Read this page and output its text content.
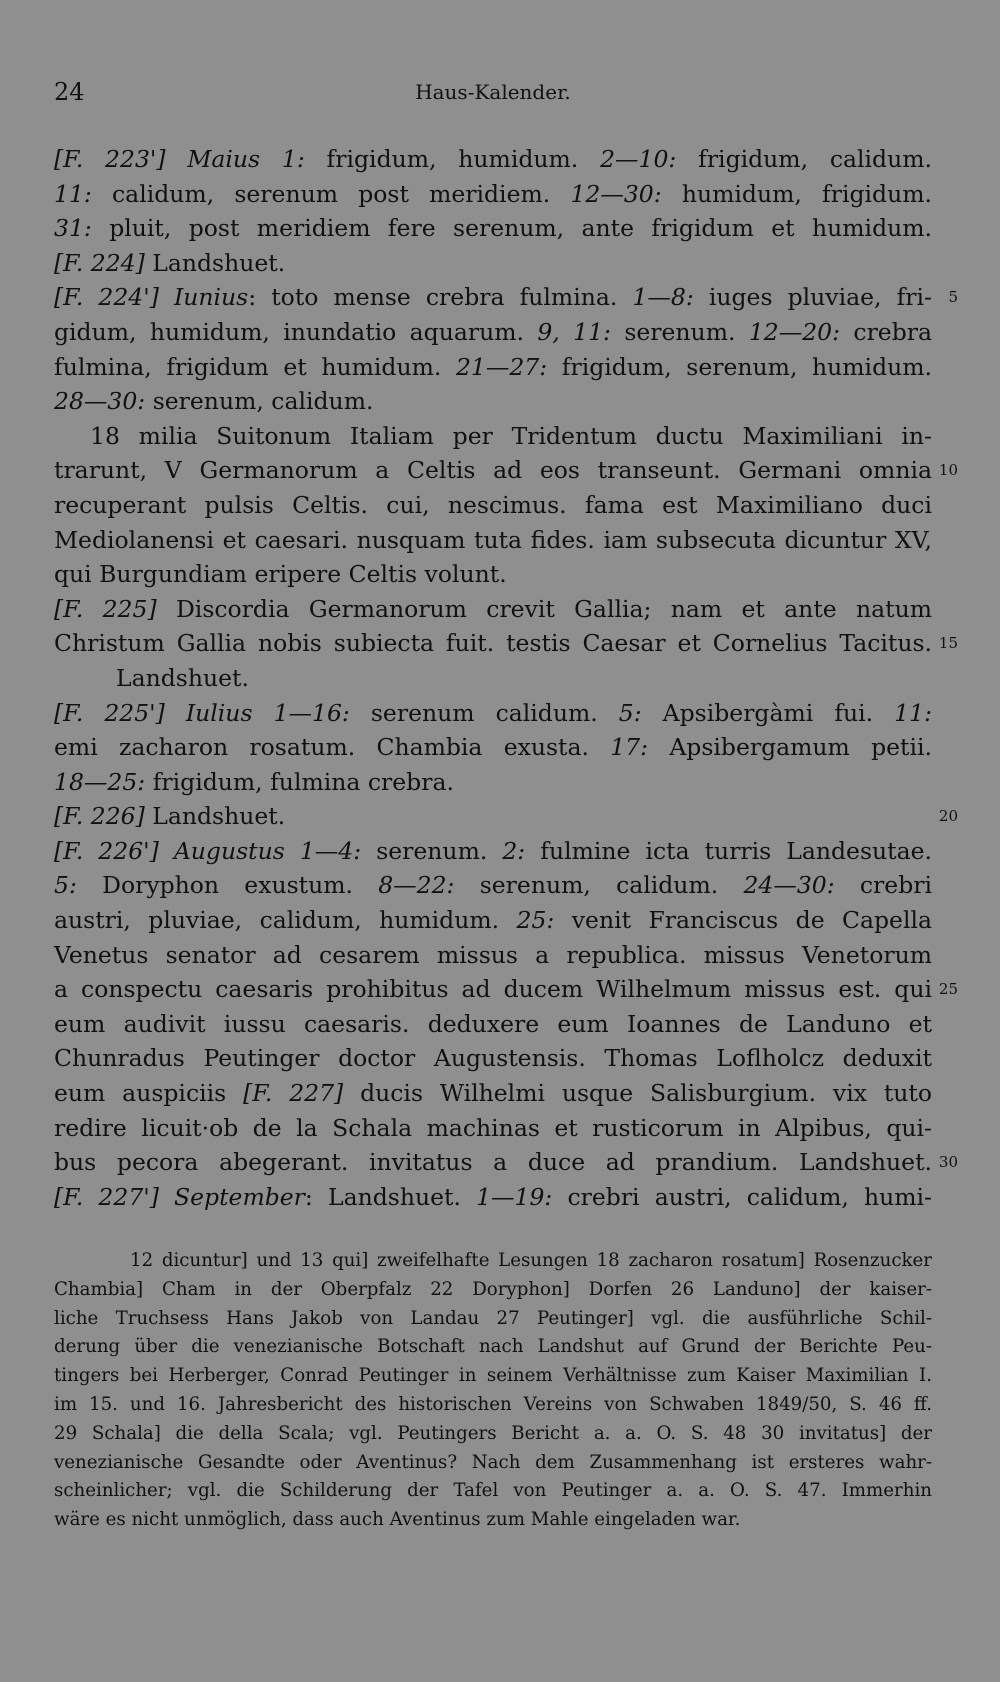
24	Haus-Kalender.
[F. 223'] Maius 1: frigidum, humidum. 2—10: frigidum, calidum.
11: calidum, serenum post meridiem. 12—30: humidum, frigidum.
31: pluit, post meridiem fere serenum, ante frigidum et humidum.
[F. 224] Landshuet.
[F. 224'] Iunius: toto mense crebra fulmina. 1—8: iuges pluviae, fri- 5
gidum, humidum, inundatio aquarum. 9, 11: serenum. 12—20: crebra
fulmina, frigidum et humidum. 21—27: frigidum, serenum, humidum.
28—30: serenum, calidum.
18 milia Suitonum Italiam per Tridentum ductu Maximiliani in-
trarunt, V Germanorum a Celtis ad eos transeunt. Germani omnia 10
recuperant pulsis Celtis. cui, nescimus. fama est Maximiliano duci
Mediolanensi et caesari. nusquam tuta fides. iam subsecuta dicuntur XV,
qui Burgundiam eripere Celtis volunt.
[F. 225] Discordia Germanorum crevit Gallia; nam et ante natum
Christum Gallia nobis subiecta fuit. testis Caesar et Cornelius Tacitus. 15
Landshuet.
[F. 225'] Iulius 1—16: serenum calidum. 5: Apsibergàmi fui. 11:
emi zacharon rosatum. Chambia exusta. 17: Apsibergamum petii.
18—25: frigidum, fulmina crebra.
[F. 226] Landshuet.	20
[F. 226'] Augustus 1—4: serenum. 2: fulmine icta turris Landesutae.
5: Doryphon exustum. 8—22: serenum, calidum. 24—30: crebri
austri, pluviae, calidum, humidum. 25: venit Franciscus de Capella
Venetus senator ad cesarem missus a republica. missus Venetorum
a conspectu caesaris prohibitus ad ducem Wilhelmum missus est. qui 25
eum audivit iussu caesaris. deduxere eum Ioannes de Landuno et
Chunradus Peutinger doctor Augustensis. Thomas Loflholcz deduxit
eum auspiciis [F. 227] ducis Wilhelmi usque Salisburgium. vix tuto
redire licuit·ob de la Schala machinas et rusticorum in Alpibus, qui-
bus pecora abegerant. invitatus a duce ad prandium. Landshuet. 30
[F. 227'] September: Landshuet. 1—19: crebri austri, calidum, humi-
12 dicuntur] und 13 qui] zweifelhafte Lesungen 18 zacharon rosatum] Rosenzucker
Chambia] Cham in der Oberpfalz 22 Doryphon] Dorfen 26 Landuno] der kaiser-
liche Truchsess Hans Jakob von Landau 27 Peutinger] vgl. die ausführliche Schil-
derung über die venezianische Botschaft nach Landshut auf Grund der Berichte Peu-
tingers bei Herberger, Conrad Peutinger in seinem Verhältnisse zum Kaiser Maximilian I.
im 15. und 16. Jahresbericht des historischen Vereins von Schwaben 1849/50, S. 46 ff.
29 Schala] die della Scala; vgl. Peutingers Bericht a. a. O. S. 48 30 invitatus] der
venezianische Gesandte oder Aventinus? Nach dem Zusammenhang ist ersteres wahr-
scheinlicher; vgl. die Schilderung der Tafel von Peutinger a. a. O. S. 47. Immerhin
wäre es nicht unmöglich, dass auch Aventinus zum Mahle eingeladen war.
